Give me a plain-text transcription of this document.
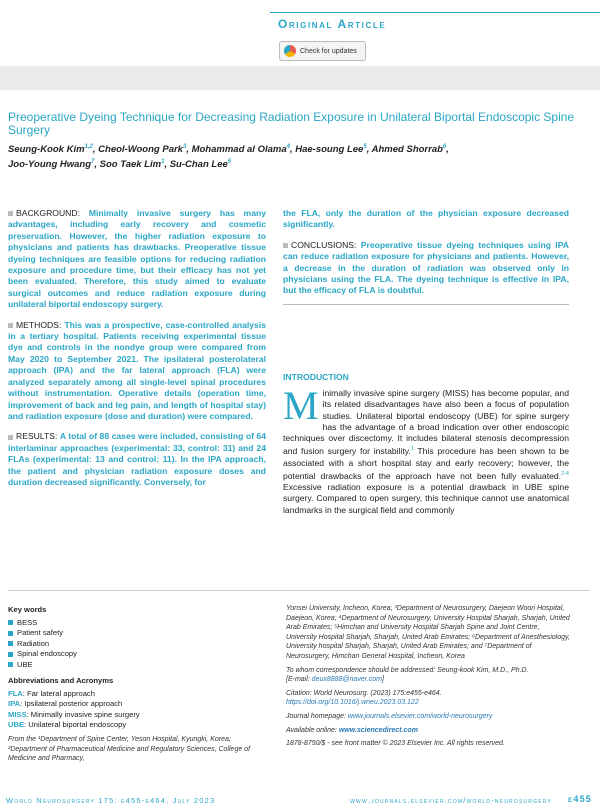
Original Article
Check for updates
Preoperative Dyeing Technique for Decreasing Radiation Exposure in Unilateral Biportal Endoscopic Spine Surgery
Seung-Kook Kim$^{1,2}$, Cheol-Woong Park$^3$, Mohammad al Olama$^4$, Hae-soung Lee$^5$, Ahmed Shorrab$^6$,
Joo-Young Hwang$^7$, Soo Taek Lim$^1$, Su-Chan Lee$^5$

BACKGROUND: Minimally invasive surgery has many advantages, including early recovery and cosmetic preservation. However, the higher radiation exposure to physicians and patients has drawbacks. Preoperative tissue dyeing techniques are feasible options for reducing radiation exposure and procedure time, but their efficacy has not yet been evaluated. Therefore, this study aimed to evaluate surgical outcomes and reduce radiation exposure during unilateral biportal endoscopy surgery.

METHODS: This was a prospective, case-controlled analysis in a tertiary hospital. Patients receiving experimental tissue dye and controls in the nondye group were compared from May 2020 to September 2021. The ipsilateral posterolateral approach (IPA) and the far lateral approach (FLA) were analyzed separately among all single-level spinal procedures without instrumentation. Operative details (operation time, improvement of back and leg pain, and length of hospital stay) and radiation exposure (dose and duration) were compared.

RESULTS: A total of 88 cases were included, consisting of 64 interlaminar approaches (experimental: 33, control: 31) and 24 FLAs (experimental: 13 and control: 11). In the IPA approach, the patient and physician radiation exposure doses and duration decreased significantly. Conversely, for

the FLA, only the duration of the physician exposure decreased significantly.

CONCLUSIONS: Preoperative tissue dyeing techniques using IPA can reduce radiation exposure for physicians and patients. However, a decrease in the duration of radiation was observed only in physicians using the FLA. The dyeing technique is effective in IPA, but the efficacy of FLA is doubtful.

INTRODUCTION
Minimally invasive spine surgery (MISS) has become popular, and its related disadvantages have also been a focus of population studies. Unilateral biportal endoscopy (UBE) for spine surgery has the advantage of a broad indication over other endoscopic techniques over discectomy. It includes bilateral stenosis decompression and fusion surgery for instability.$^1$ This procedure has been shown to be associated with a short hospital stay and early recovery; however, the potential drawbacks of the approach have not been fully evaluated.$^{2-4}$ Excessive radiation exposure is a potential drawback in UBE spine surgery. Compared to open surgery, this technique cannot use anatomical landmarks in the surgical field and commonly
Key words
BESS
Patient safety
Radiation
Spinal endoscopy
UBE
Abbreviations and Acronyms
FLA: Far lateral approach
IPA: Ipsilateral posterior approach
MISS: Minimally invasive spine surgery
UBE: Unilateral biportal endoscopy
From the ¹Department of Spine Center, Yeson Hospital, Kyungki, Korea; ²Department of Pharmaceutical Medicine and Regulatory Sciences, College of Medicine and Pharmacy,

Yonsei University, Incheon, Korea; ³Department of Neurosurgery, Daejeon Woori Hospital, Daejeon, Korea; ⁴Department of Neurosurgery, University Hospital Sharjah, Sharjah, United Arab Emirates; ⁵Himchan and University Hospital Sharjah Spine and Joint Centre, University Hospital Sharjah, Sharjah, United Arab Emirates; ⁶Department of Anesthesiology, University hospital Sharjah, Sharjah, United Arab Emirates; and ⁷Department of Neurosurgery, Himchan General Hospital, Incheon, Korea

To whom correspondence should be addressed: Seung-kook Kim, M.D., Ph.D.
[E-mail: deux8888@naver.com]

Citation: World Neurosurg. (2023) 175:e455-e464.
https://doi.org/10.1016/j.wneu.2023.03.122

Journal homepage: www.journals.elsevier.com/world-neurosurgery

Available online: www.sciencedirect.com

1878-8750/$ - see front matter © 2023 Elsevier Inc. All rights reserved.

World Neurosurgery 175: e455-e464, July 2023	www.journals.elsevier.com/world-neurosurgery e455
